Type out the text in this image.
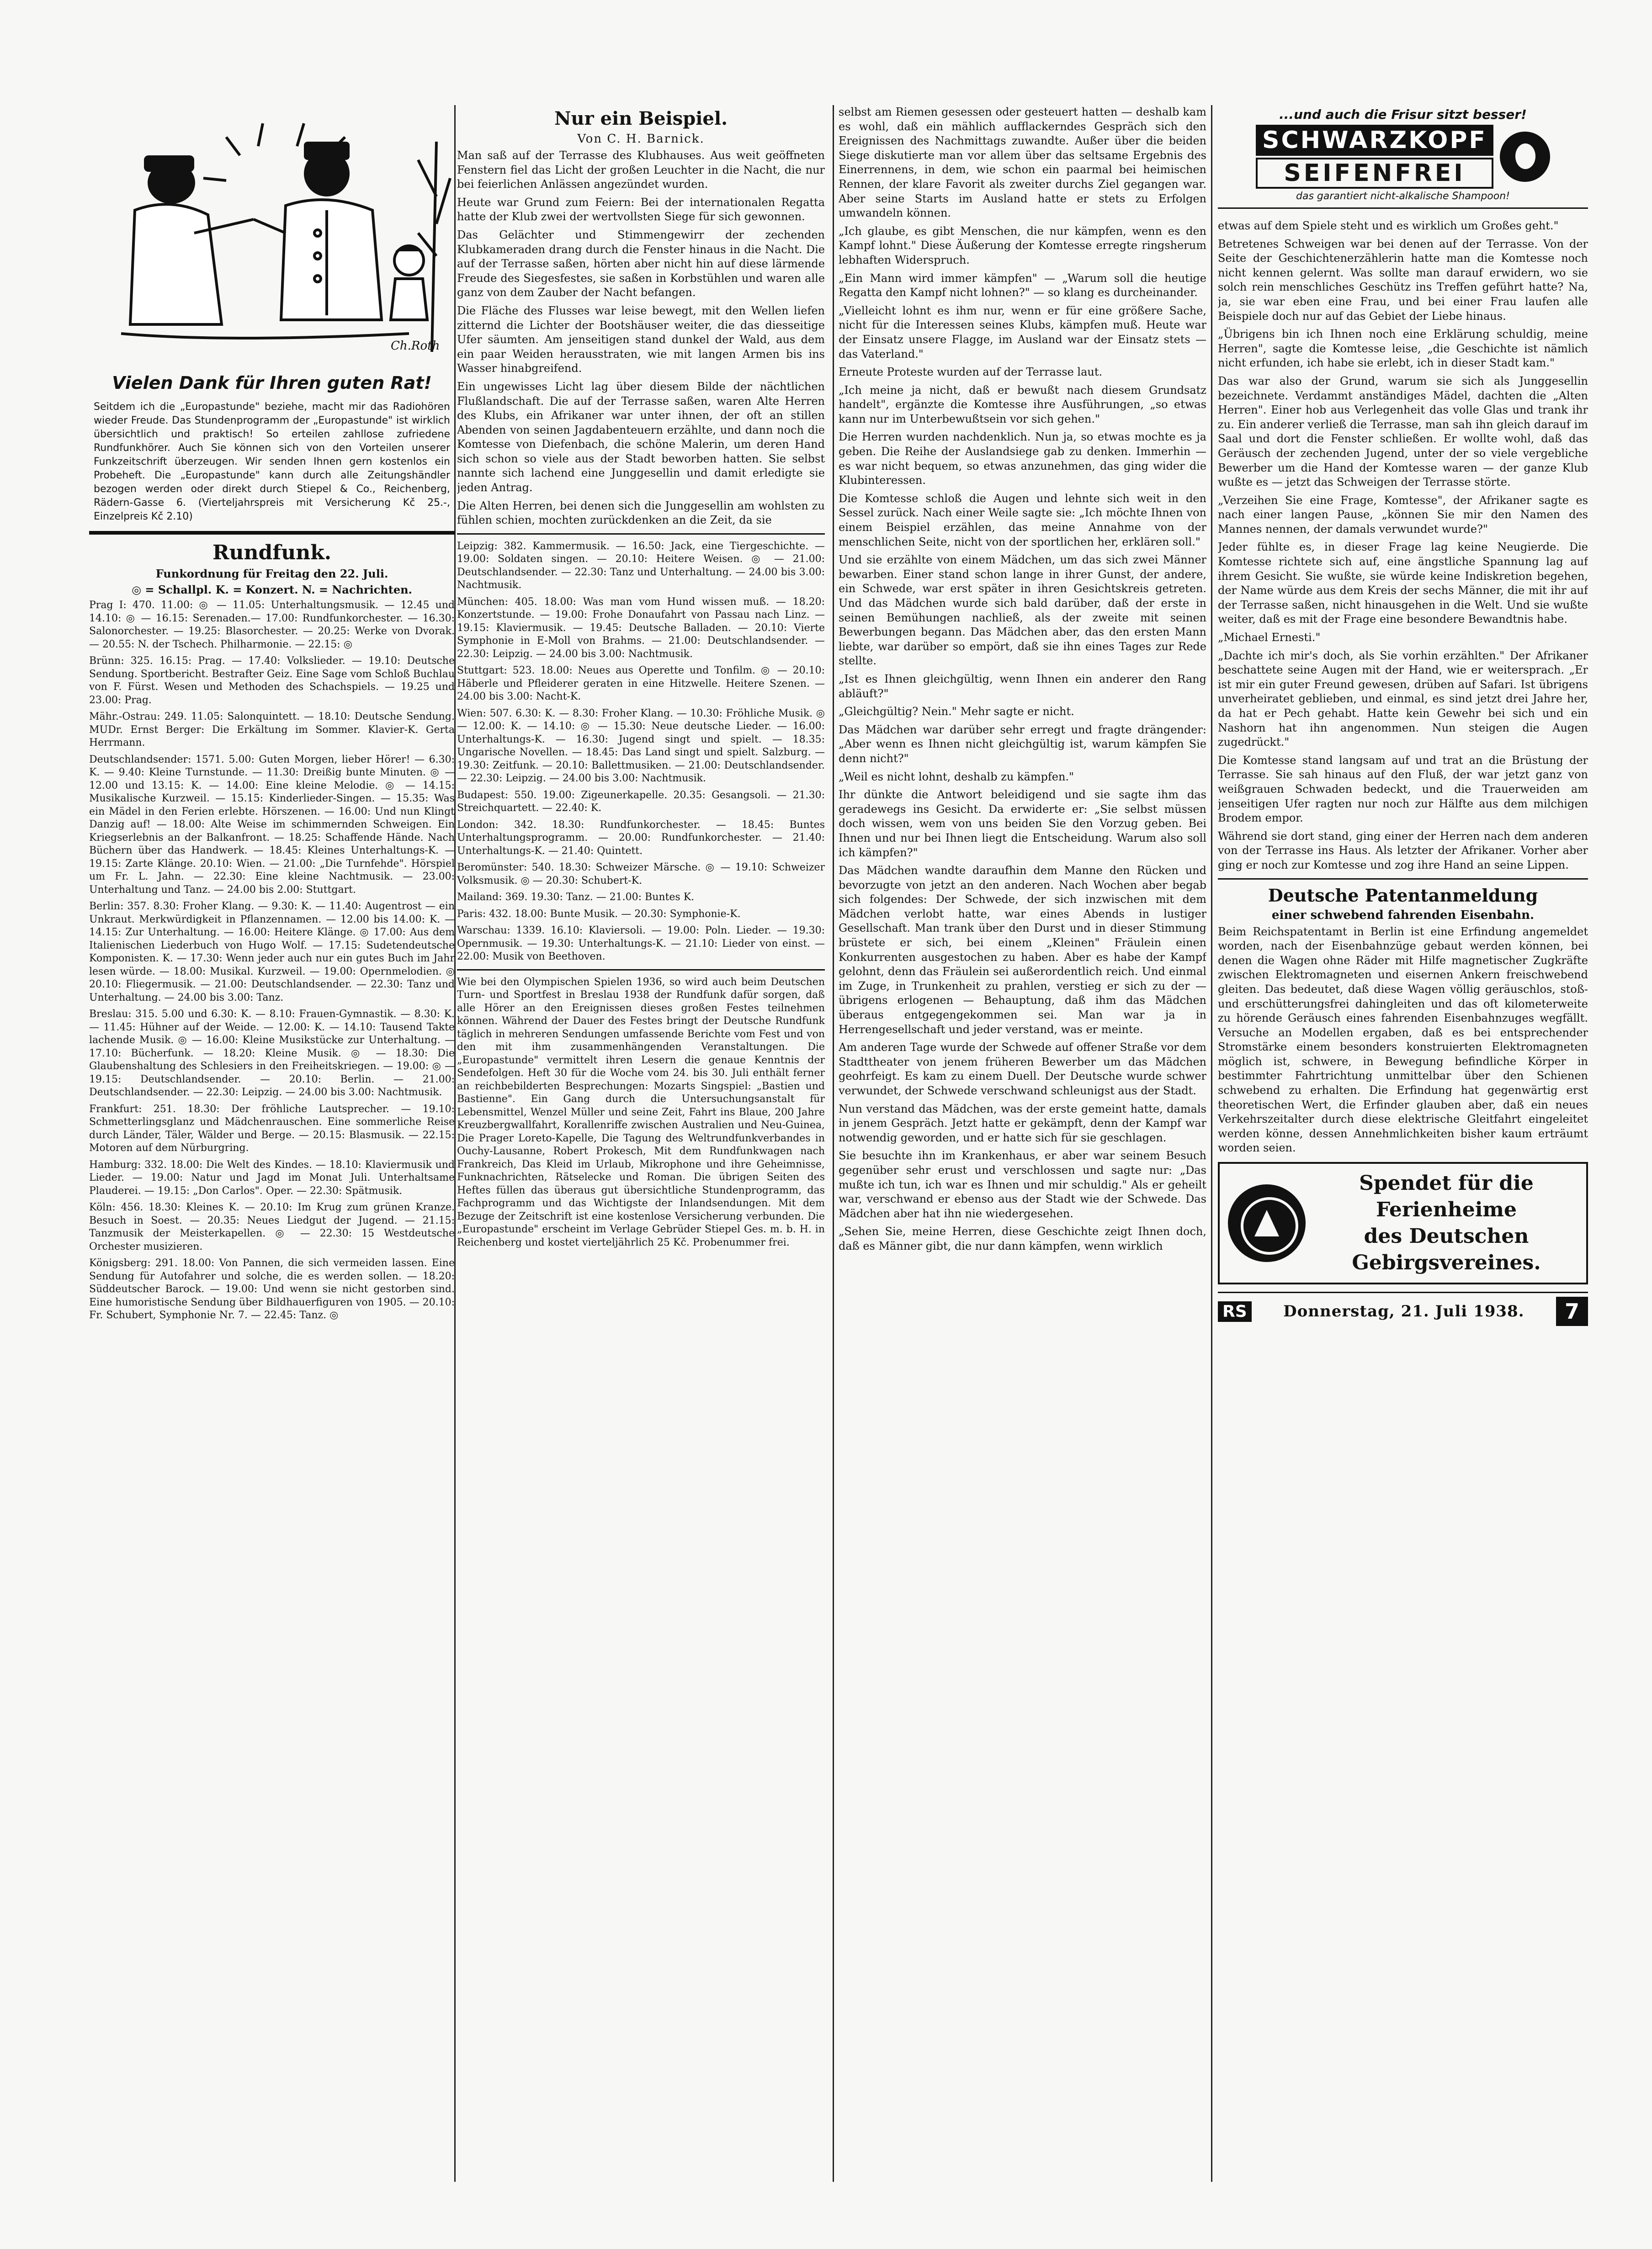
Ch.Roth
Vielen Dank für Ihren guten Rat!

Seitdem ich die „Europastunde" beziehe, macht mir das Radiohören wieder Freude. Das Stundenprogramm der „Europastunde" ist wirklich übersichtlich und praktisch! So erteilen zahllose zufriedene Rundfunkhörer. Auch Sie können sich von den Vorteilen unserer Funkzeitschrift überzeugen. Wir senden Ihnen gern kostenlos ein Probeheft. Die „Europastunde" kann durch alle Zeitungshändler bezogen werden oder direkt durch Stiepel & Co., Reichenberg, Rädern-Gasse 6. (Vierteljahrspreis mit Versicherung Kč 25.-, Einzelpreis Kč 2.10)

Rundfunk.
Funkordnung für Freitag den 22. Juli.
◎ = Schallpl. K. = Konzert. N. = Nachrichten.

Prag I: 470. 11.00: ◎ — 11.05: Unterhaltungsmusik. — 12.45 und 14.10: ◎ — 16.15: Serenaden.— 17.00: Rundfunkorchester. — 16.30: Salonorchester. — 19.25: Blasorchester. — 20.25: Werke von Dvorak. — 20.55: N. der Tschech. Philharmonie. — 22.15: ◎

Brünn: 325. 16.15: Prag. — 17.40: Volkslieder. — 19.10: Deutsche Sendung. Sportbericht. Bestrafter Geiz. Eine Sage vom Schloß Buchlau von F. Fürst. Wesen und Methoden des Schachspiels. — 19.25 und 23.00: Prag.

Mähr.-Ostrau: 249. 11.05: Salonquintett. — 18.10: Deutsche Sendung. MUDr. Ernst Berger: Die Erkältung im Sommer. Klavier-K. Gerta Herrmann.

Deutschlandsender: 1571. 5.00: Guten Morgen, lieber Hörer! — 6.30: K. — 9.40: Kleine Turnstunde. — 11.30: Dreißig bunte Minuten. ◎ — 12.00 und 13.15: K. — 14.00: Eine kleine Melodie. ◎ — 14.15: Musikalische Kurzweil. — 15.15: Kinderlieder-Singen. — 15.35: Was ein Mädel in den Ferien erlebte. Hörszenen. — 16.00: Und nun Klingt Danzig auf! — 18.00: Alte Weise im schimmernden Schweigen. Ein Kriegserlebnis an der Balkanfront. — 18.25: Schaffende Hände. Nach Büchern über das Handwerk. — 18.45: Kleines Unterhaltungs-K. — 19.15: Zarte Klänge. 20.10: Wien. — 21.00: „Die Turnfehde". Hörspiel um Fr. L. Jahn. — 22.30: Eine kleine Nachtmusik. — 23.00: Unterhaltung und Tanz. — 24.00 bis 2.00: Stuttgart.

Berlin: 357. 8.30: Froher Klang. — 9.30: K. — 11.40: Augentrost — ein Unkraut. Merkwürdigkeit in Pflanzennamen. — 12.00 bis 14.00: K. — 14.15: Zur Unterhaltung. — 16.00: Heitere Klänge. ◎ 17.00: Aus dem Italienischen Liederbuch von Hugo Wolf. — 17.15: Sudetendeutsche Komponisten. K. — 17.30: Wenn jeder auch nur ein gutes Buch im Jahr lesen würde. — 18.00: Musikal. Kurzweil. — 19.00: Opernmelodien. ◎ 20.10: Fliegermusik. — 21.00: Deutschlandsender. — 22.30: Tanz und Unterhaltung. — 24.00 bis 3.00: Tanz.

Breslau: 315. 5.00 und 6.30: K. — 8.10: Frauen-Gymnastik. — 8.30: K. — 11.45: Hühner auf der Weide. — 12.00: K. — 14.10: Tausend Takte lachende Musik. ◎ — 16.00: Kleine Musikstücke zur Unterhaltung. — 17.10: Bücherfunk. — 18.20: Kleine Musik. ◎ — 18.30: Die Glaubenshaltung des Schlesiers in den Freiheitskriegen. — 19.00: ◎ — 19.15: Deutschlandsender. — 20.10: Berlin. — 21.00: Deutschlandsender. — 22.30: Leipzig. — 24.00 bis 3.00: Nachtmusik.

Frankfurt: 251. 18.30: Der fröhliche Lautsprecher. — 19.10: Schmetterlingsglanz und Mädchenrauschen. Eine sommerliche Reise durch Länder, Täler, Wälder und Berge. — 20.15: Blasmusik. — 22.15: Motoren auf dem Nürburgring.

Hamburg: 332. 18.00: Die Welt des Kindes. — 18.10: Klaviermusik und Lieder. — 19.00: Natur und Jagd im Monat Juli. Unterhaltsame Plauderei. — 19.15: „Don Carlos". Oper. — 22.30: Spätmusik.

Köln: 456. 18.30: Kleines K. — 20.10: Im Krug zum grünen Kranze. Besuch in Soest. — 20.35: Neues Liedgut der Jugend. — 21.15: Tanzmusik der Meisterkapellen. ◎ — 22.30: 15 Westdeutsche Orchester musizieren.

Königsberg: 291. 18.00: Von Pannen, die sich vermeiden lassen. Eine Sendung für Autofahrer und solche, die es werden sollen. — 18.20: Süddeutscher Barock. — 19.00: Und wenn sie nicht gestorben sind. Eine humoristische Sendung über Bildhauerfiguren von 1905. — 20.10: Fr. Schubert, Symphonie Nr. 7. — 22.45: Tanz. ◎

Nur ein Beispiel.
Von C. H. Barnick.

Man saß auf der Terrasse des Klubhauses. Aus weit geöffneten Fenstern fiel das Licht der großen Leuchter in die Nacht, die nur bei feierlichen Anlässen angezündet wurden.

Heute war Grund zum Feiern: Bei der internationalen Regatta hatte der Klub zwei der wertvollsten Siege für sich gewonnen.

Das Gelächter und Stimmengewirr der zechenden Klubkameraden drang durch die Fenster hinaus in die Nacht. Die auf der Terrasse saßen, hörten aber nicht hin auf diese lärmende Freude des Siegesfestes, sie saßen in Korbstühlen und waren alle ganz von dem Zauber der Nacht befangen.

Die Fläche des Flusses war leise bewegt, mit den Wellen liefen zitternd die Lichter der Bootshäuser weiter, die das diesseitige Ufer säumten. Am jenseitigen stand dunkel der Wald, aus dem ein paar Weiden herausstraten, wie mit langen Armen bis ins Wasser hinabgreifend.

Ein ungewisses Licht lag über diesem Bilde der nächtlichen Flußlandschaft. Die auf der Terrasse saßen, waren Alte Herren des Klubs, ein Afrikaner war unter ihnen, der oft an stillen Abenden von seinen Jagdabenteuern erzählte, und dann noch die Komtesse von Diefenbach, die schöne Malerin, um deren Hand sich schon so viele aus der Stadt beworben hatten. Sie selbst nannte sich lachend eine Junggesellin und damit erledigte sie jeden Antrag.

Die Alten Herren, bei denen sich die Junggesellin am wohlsten zu fühlen schien, mochten zurückdenken an die Zeit, da sie

Leipzig: 382. Kammermusik. — 16.50: Jack, eine Tiergeschichte. — 19.00: Soldaten singen. — 20.10: Heitere Weisen. ◎ — 21.00: Deutschlandsender. — 22.30: Tanz und Unterhaltung. — 24.00 bis 3.00: Nachtmusik.

München: 405. 18.00: Was man vom Hund wissen muß. — 18.20: Konzertstunde. — 19.00: Frohe Donaufahrt von Passau nach Linz. — 19.15: Klaviermusik. — 19.45: Deutsche Balladen. — 20.10: Vierte Symphonie in E-Moll von Brahms. — 21.00: Deutschlandsender. — 22.30: Leipzig. — 24.00 bis 3.00: Nachtmusik.

Stuttgart: 523. 18.00: Neues aus Operette und Tonfilm. ◎ — 20.10: Häberle und Pfleiderer geraten in eine Hitzwelle. Heitere Szenen. — 24.00 bis 3.00: Nacht-K.

Wien: 507. 6.30: K. — 8.30: Froher Klang. — 10.30: Fröhliche Musik. ◎ — 12.00: K. — 14.10: ◎ — 15.30: Neue deutsche Lieder. — 16.00: Unterhaltungs-K. — 16.30: Jugend singt und spielt. — 18.35: Ungarische Novellen. — 18.45: Das Land singt und spielt. Salzburg. — 19.30: Zeitfunk. — 20.10: Ballettmusiken. — 21.00: Deutschlandsender. — 22.30: Leipzig. — 24.00 bis 3.00: Nachtmusik.

Budapest: 550. 19.00: Zigeunerkapelle. 20.35: Gesangsoli. — 21.30: Streichquartett. — 22.40: K.

London: 342. 18.30: Rundfunkorchester. — 18.45: Buntes Unterhaltungsprogramm. — 20.00: Rundfunkorchester. — 21.40: Unterhaltungs-K. — 21.40: Quintett.

Beromünster: 540. 18.30: Schweizer Märsche. ◎ — 19.10: Schweizer Volksmusik. ◎ — 20.30: Schubert-K.

Mailand: 369. 19.30: Tanz. — 21.00: Buntes K.

Paris: 432. 18.00: Bunte Musik. — 20.30: Symphonie-K.

Warschau: 1339. 16.10: Klaviersoli. — 19.00: Poln. Lieder. — 19.30: Opernmusik. — 19.30: Unterhaltungs-K. — 21.10: Lieder von einst. — 22.00: Musik von Beethoven.

Wie bei den Olympischen Spielen 1936, so wird auch beim Deutschen Turn- und Sportfest in Breslau 1938 der Rundfunk dafür sorgen, daß alle Hörer an den Ereignissen dieses großen Festes teilnehmen können. Während der Dauer des Festes bringt der Deutsche Rundfunk täglich in mehreren Sendungen umfassende Berichte vom Fest und von den mit ihm zusammenhängenden Veranstaltungen. Die „Europastunde" vermittelt ihren Lesern die genaue Kenntnis der Sendefolgen. Heft 30 für die Woche vom 24. bis 30. Juli enthält ferner an reichbebilderten Besprechungen: Mozarts Singspiel: „Bastien und Bastienne". Ein Gang durch die Untersuchungsanstalt für Lebensmittel, Wenzel Müller und seine Zeit, Fahrt ins Blaue, 200 Jahre Kreuzbergwallfahrt, Korallenriffe zwischen Australien und Neu-Guinea, Die Prager Loreto-Kapelle, Die Tagung des Weltrundfunkverbandes in Ouchy-Lausanne, Robert Prokesch, Mit dem Rundfunkwagen nach Frankreich, Das Kleid im Urlaub, Mikrophone und ihre Geheimnisse, Funknachrichten, Rätselecke und Roman. Die übrigen Seiten des Heftes füllen das überaus gut übersichtliche Stundenprogramm, das Fachprogramm und das Wichtigste der Inlandsendungen. Mit dem Bezuge der Zeitschrift ist eine kostenlose Versicherung verbunden. Die „Europastunde" erscheint im Verlage Gebrüder Stiepel Ges. m. b. H. in Reichenberg und kostet vierteljährlich 25 Kč. Probenummer frei.

selbst am Riemen gesessen oder gesteuert hatten — deshalb kam es wohl, daß ein mählich aufflackerndes Gespräch sich den Ereignissen des Nachmittags zuwandte. Außer über die beiden Siege diskutierte man vor allem über das seltsame Ergebnis des Einerrennens, in dem, wie schon ein paarmal bei heimischen Rennen, der klare Favorit als zweiter durchs Ziel gegangen war. Aber seine Starts im Ausland hatte er stets zu Erfolgen umwandeln können.

„Ich glaube, es gibt Menschen, die nur kämpfen, wenn es den Kampf lohnt." Diese Äußerung der Komtesse erregte ringsherum lebhaften Widerspruch.

„Ein Mann wird immer kämpfen" — „Warum soll die heutige Regatta den Kampf nicht lohnen?" — so klang es durcheinander.

„Vielleicht lohnt es ihm nur, wenn er für eine größere Sache, nicht für die Interessen seines Klubs, kämpfen muß. Heute war der Einsatz unsere Flagge, im Ausland war der Einsatz stets — das Vaterland."

Erneute Proteste wurden auf der Terrasse laut.

„Ich meine ja nicht, daß er bewußt nach diesem Grundsatz handelt", ergänzte die Komtesse ihre Ausführungen, „so etwas kann nur im Unterbewußtsein vor sich gehen."

Die Herren wurden nachdenklich. Nun ja, so etwas mochte es ja geben. Die Reihe der Auslandsiege gab zu denken. Immerhin — es war nicht bequem, so etwas anzunehmen, das ging wider die Klubinteressen.

Die Komtesse schloß die Augen und lehnte sich weit in den Sessel zurück. Nach einer Weile sagte sie: „Ich möchte Ihnen von einem Beispiel erzählen, das meine Annahme von der menschlichen Seite, nicht von der sportlichen her, erklären soll."

Und sie erzählte von einem Mädchen, um das sich zwei Männer bewarben. Einer stand schon lange in ihrer Gunst, der andere, ein Schwede, war erst später in ihren Gesichtskreis getreten. Und das Mädchen wurde sich bald darüber, daß der erste in seinen Bemühungen nachließ, als der zweite mit seinen Bewerbungen begann. Das Mädchen aber, das den ersten Mann liebte, war darüber so empört, daß sie ihn eines Tages zur Rede stellte.

„Ist es Ihnen gleichgültig, wenn Ihnen ein anderer den Rang abläuft?"

„Gleichgültig? Nein." Mehr sagte er nicht.

Das Mädchen war darüber sehr erregt und fragte drängender: „Aber wenn es Ihnen nicht gleichgültig ist, warum kämpfen Sie denn nicht?"

„Weil es nicht lohnt, deshalb zu kämpfen."

Ihr dünkte die Antwort beleidigend und sie sagte ihm das geradewegs ins Gesicht. Da erwiderte er: „Sie selbst müssen doch wissen, wem von uns beiden Sie den Vorzug geben. Bei Ihnen und nur bei Ihnen liegt die Entscheidung. Warum also soll ich kämpfen?"

Das Mädchen wandte daraufhin dem Manne den Rücken und bevorzugte von jetzt an den anderen. Nach Wochen aber begab sich folgendes: Der Schwede, der sich inzwischen mit dem Mädchen verlobt hatte, war eines Abends in lustiger Gesellschaft. Man trank über den Durst und in dieser Stimmung brüstete er sich, bei einem „Kleinen" Fräulein einen Konkurrenten ausgestochen zu haben. Aber es habe der Kampf gelohnt, denn das Fräulein sei außerordentlich reich. Und einmal im Zuge, in Trunkenheit zu prahlen, verstieg er sich zu der — übrigens erlogenen — Behauptung, daß ihm das Mädchen überaus entgegengekommen sei. Man war ja in Herrengesellschaft und jeder verstand, was er meinte.

Am anderen Tage wurde der Schwede auf offener Straße vor dem Stadttheater von jenem früheren Bewerber um das Mädchen geohrfeigt. Es kam zu einem Duell. Der Deutsche wurde schwer verwundet, der Schwede verschwand schleunigst aus der Stadt.

Nun verstand das Mädchen, was der erste gemeint hatte, damals in jenem Gespräch. Jetzt hatte er gekämpft, denn der Kampf war notwendig geworden, und er hatte sich für sie geschlagen.

Sie besuchte ihn im Krankenhaus, er aber war seinem Besuch gegenüber sehr erust und verschlossen und sagte nur: „Das mußte ich tun, ich war es Ihnen und mir schuldig." Als er geheilt war, verschwand er ebenso aus der Stadt wie der Schwede. Das Mädchen aber hat ihn nie wiedergesehen.

„Sehen Sie, meine Herren, diese Geschichte zeigt Ihnen doch, daß es Männer gibt, die nur dann kämpfen, wenn wirklich

...und auch die Frisur sitzt besser!
SCHWARZKOPF
SEIFENFREI
das garantiert nicht-alkalische Shampoon!

etwas auf dem Spiele steht und es wirklich um Großes geht."

Betretenes Schweigen war bei denen auf der Terrasse. Von der Seite der Geschichtenerzählerin hatte man die Komtesse noch nicht kennen gelernt. Was sollte man darauf erwidern, wo sie solch rein menschliches Geschütz ins Treffen geführt hatte? Na, ja, sie war eben eine Frau, und bei einer Frau laufen alle Beispiele doch nur auf das Gebiet der Liebe hinaus.

„Übrigens bin ich Ihnen noch eine Erklärung schuldig, meine Herren", sagte die Komtesse leise, „die Geschichte ist nämlich nicht erfunden, ich habe sie erlebt, ich in dieser Stadt kam."

Das war also der Grund, warum sie sich als Junggesellin bezeichnete. Verdammt anständiges Mädel, dachten die „Alten Herren". Einer hob aus Verlegenheit das volle Glas und trank ihr zu. Ein anderer verließ die Terrasse, man sah ihn gleich darauf im Saal und dort die Fenster schließen. Er wollte wohl, daß das Geräusch der zechenden Jugend, unter der so viele vergebliche Bewerber um die Hand der Komtesse waren — der ganze Klub wußte es — jetzt das Schweigen der Terrasse störte.

„Verzeihen Sie eine Frage, Komtesse", der Afrikaner sagte es nach einer langen Pause, „können Sie mir den Namen des Mannes nennen, der damals verwundet wurde?"

Jeder fühlte es, in dieser Frage lag keine Neugierde. Die Komtesse richtete sich auf, eine ängstliche Spannung lag auf ihrem Gesicht. Sie wußte, sie würde keine Indiskretion begehen, der Name würde aus dem Kreis der sechs Männer, die mit ihr auf der Terrasse saßen, nicht hinausgehen in die Welt. Und sie wußte weiter, daß es mit der Frage eine besondere Bewandtnis habe.

„Michael Ernesti."

„Dachte ich mir's doch, als Sie vorhin erzählten." Der Afrikaner beschattete seine Augen mit der Hand, wie er weitersprach. „Er ist mir ein guter Freund gewesen, drüben auf Safari. Ist übrigens unverheiratet geblieben, und einmal, es sind jetzt drei Jahre her, da hat er Pech gehabt. Hatte kein Gewehr bei sich und ein Nashorn hat ihn angenommen. Nun steigen die Augen zugedrückt."

Die Komtesse stand langsam auf und trat an die Brüstung der Terrasse. Sie sah hinaus auf den Fluß, der war jetzt ganz von weißgrauen Schwaden bedeckt, und die Trauerweiden am jenseitigen Ufer ragten nur noch zur Hälfte aus dem milchigen Brodem empor.

Während sie dort stand, ging einer der Herren nach dem anderen von der Terrasse ins Haus. Als letzter der Afrikaner. Vorher aber ging er noch zur Komtesse und zog ihre Hand an seine Lippen.

Deutsche Patentanmeldung
einer schwebend fahrenden Eisenbahn.

Beim Reichspatentamt in Berlin ist eine Erfindung angemeldet worden, nach der Eisenbahnzüge gebaut werden können, bei denen die Wagen ohne Räder mit Hilfe magnetischer Zugkräfte zwischen Elektromagneten und eisernen Ankern freischwebend gleiten. Das bedeutet, daß diese Wagen völlig geräuschlos, stoß- und erschütterungsfrei dahingleiten und das oft kilometerweite zu hörende Geräusch eines fahrenden Eisenbahnzuges wegfällt. Versuche an Modellen ergaben, daß es bei entsprechender Stromstärke einem besonders konstruierten Elektromagneten möglich ist, schwere, in Bewegung befindliche Körper in bestimmter Fahrtrichtung unmittelbar über den Schienen schwebend zu erhalten. Die Erfindung hat gegenwärtig erst theoretischen Wert, die Erfinder glauben aber, daß ein neues Verkehrszeitalter durch diese elektrische Gleitfahrt eingeleitet werden könne, dessen Annehmlichkeiten bisher kaum erträumt worden seien.

Spendet für die
Ferienheime
des Deutschen
Gebirgsvereines.
RS Donnerstag, 21. Juli 1938.	7
